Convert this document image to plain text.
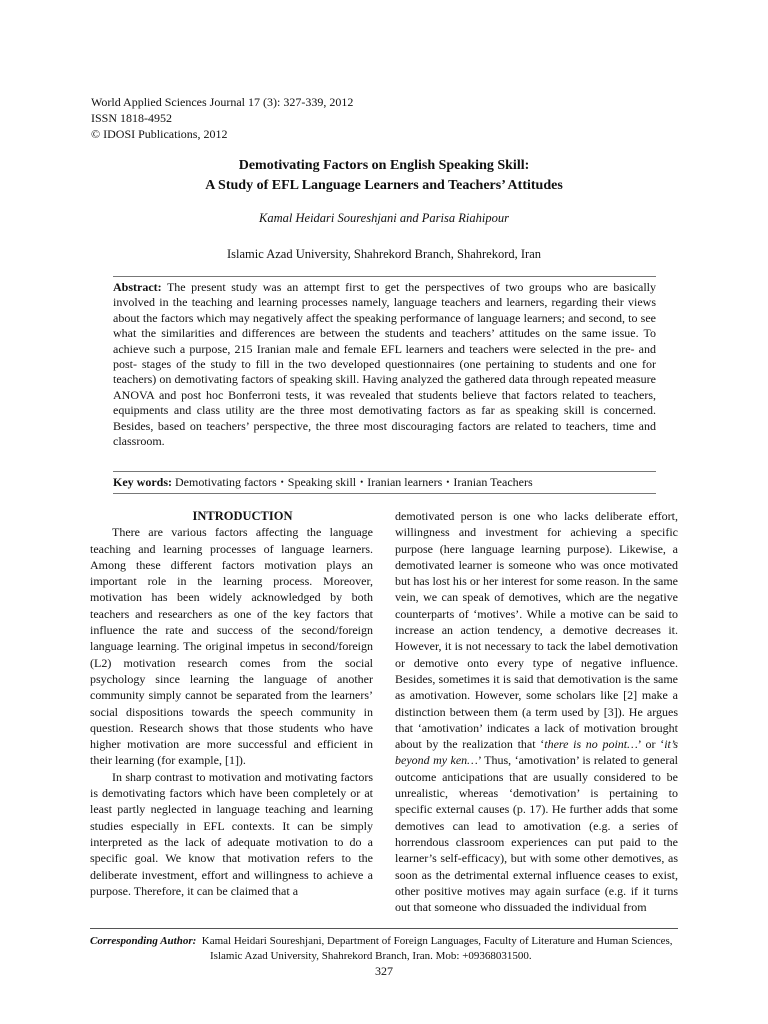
World Applied Sciences Journal 17 (3): 327-339, 2012
ISSN 1818-4952
© IDOSI Publications, 2012
Demotivating Factors on English Speaking Skill:
A Study of EFL Language Learners and Teachers’ Attitudes
Kamal Heidari Soureshjani and Parisa Riahipour
Islamic Azad University, Shahrekord Branch, Shahrekord, Iran
Abstract: The present study was an attempt first to get the perspectives of two groups who are basically involved in the teaching and learning processes namely, language teachers and learners, regarding their views about the factors which may negatively affect the speaking performance of language learners; and second, to see what the similarities and differences are between the students and teachers’ attitudes on the same issue. To achieve such a purpose, 215 Iranian male and female EFL learners and teachers were selected in the pre- and post- stages of the study to fill in the two developed questionnaires (one pertaining to students and one for teachers) on demotivating factors of speaking skill. Having analyzed the gathered data through repeated measure ANOVA and post hoc Bonferroni tests, it was revealed that students believe that factors related to teachers, equipments and class utility are the three most demotivating factors as far as speaking skill is concerned. Besides, based on teachers’ perspective, the three most discouraging factors are related to teachers, time and classroom.
Key words: Demotivating factors • Speaking skill • Iranian learners • Iranian Teachers

INTRODUCTION

There are various factors affecting the language teaching and learning processes of language learners. Among these different factors motivation plays an important role in the learning process. Moreover, motivation has been widely acknowledged by both teachers and researchers as one of the key factors that influence the rate and success of the second/foreign language learning. The original impetus in second/foreign (L2) motivation research comes from the social psychology since learning the language of another community simply cannot be separated from the learners’ social dispositions towards the speech community in question. Research shows that those students who have higher motivation are more successful and efficient in their learning (for example, [1]).

In sharp contrast to motivation and motivating factors is demotivating factors which have been completely or at least partly neglected in language teaching and learning studies especially in EFL contexts. It can be simply interpreted as the lack of adequate motivation to do a specific goal. We know that motivation refers to the deliberate investment, effort and willingness to achieve a purpose. Therefore, it can be claimed that a

demotivated person is one who lacks deliberate effort, willingness and investment for achieving a specific purpose (here language learning purpose). Likewise, a demotivated learner is someone who was once motivated but has lost his or her interest for some reason. In the same vein, we can speak of demotives, which are the negative counterparts of ‘motives’. While a motive can be said to increase an action tendency, a demotive decreases it. However, it is not necessary to tack the label demotivation or demotive onto every type of negative influence. Besides, sometimes it is said that demotivation is the same as amotivation. However, some scholars like [2] make a distinction between them (a term used by [3]). He argues that ‘amotivation’ indicates a lack of motivation brought about by the realization that ‘there is no point…’ or ‘it’s beyond my ken…’ Thus, ‘amotivation’ is related to general outcome anticipations that are usually considered to be unrealistic, whereas ‘demotivation’ is pertaining to specific external causes (p. 17). He further adds that some demotives can lead to amotivation (e.g. a series of horrendous classroom experiences can put paid to the learner’s self-efficacy), but with some other demotives, as soon as the detrimental external influence ceases to exist, other positive motives may again surface (e.g. if it turns out that someone who dissuaded the individual from

Corresponding Author: Kamal Heidari Soureshjani, Department of Foreign Languages, Faculty of Literature and Human Sciences,
Islamic Azad University, Shahrekord Branch, Iran. Mob: +09368031500.
327
